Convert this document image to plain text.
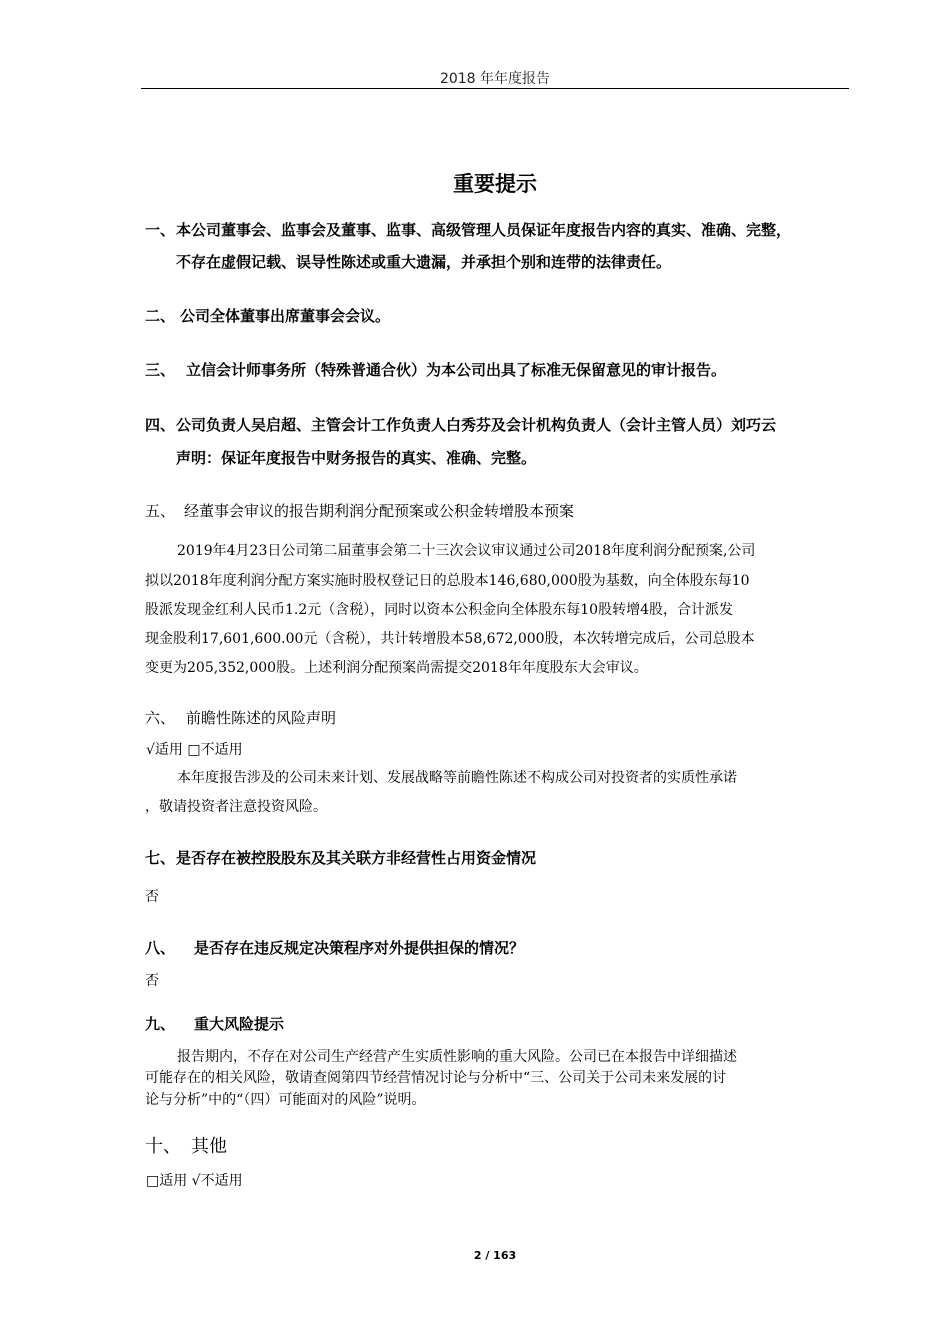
2018 年年度报告
重要提示
一、 本公司董事会、监事会及董事、监事、高级管理人员保证年度报告内容的真实、准确、完整，
不存在虚假记载、误导性陈述或重大遗漏，并承担个别和连带的法律责任。
二、 公司全体董事出席董事会会议。
三、 立信会计师事务所（特殊普通合伙）为本公司出具了标准无保留意见的审计报告。
四、 公司负责人吴启超、主管会计工作负责人白秀芬及会计机构负责人（会计主管人员）刘巧云
声明：保证年度报告中财务报告的真实、准确、完整。
五、 经董事会审议的报告期利润分配预案或公积金转增股本预案
2019年4月23日公司第二届董事会第二十三次会议审议通过公司2018年度利润分配预案,公司
拟以2018年度利润分配方案实施时股权登记日的总股本146,680,000股为基数，向全体股东每10
股派发现金红利人民币1.2元（含税），同时以资本公积金向全体股东每10股转增4股，合计派发
现金股利17,601,600.00元（含税），共计转增股本58,672,000股，本次转增完成后，公司总股本
变更为205,352,000股。上述利润分配预案尚需提交2018年年度股东大会审议。
六、 前瞻性陈述的风险声明
√适用 □不适用
本年度报告涉及的公司未来计划、发展战略等前瞻性陈述不构成公司对投资者的实质性承诺
，敬请投资者注意投资风险。
七、 是否存在被控股股东及其关联方非经营性占用资金情况
否
八、 是否存在违反规定决策程序对外提供担保的情况？
否
九、 重大风险提示
报告期内，不存在对公司生产经营产生实质性影响的重大风险。公司已在本报告中详细描述
可能存在的相关风险，敬请查阅第四节经营情况讨论与分析中“三、公司关于公司未来发展的讨
论与分析”中的“（四）可能面对的风险”说明。
十、 其他
□适用 √不适用
2 / 163
